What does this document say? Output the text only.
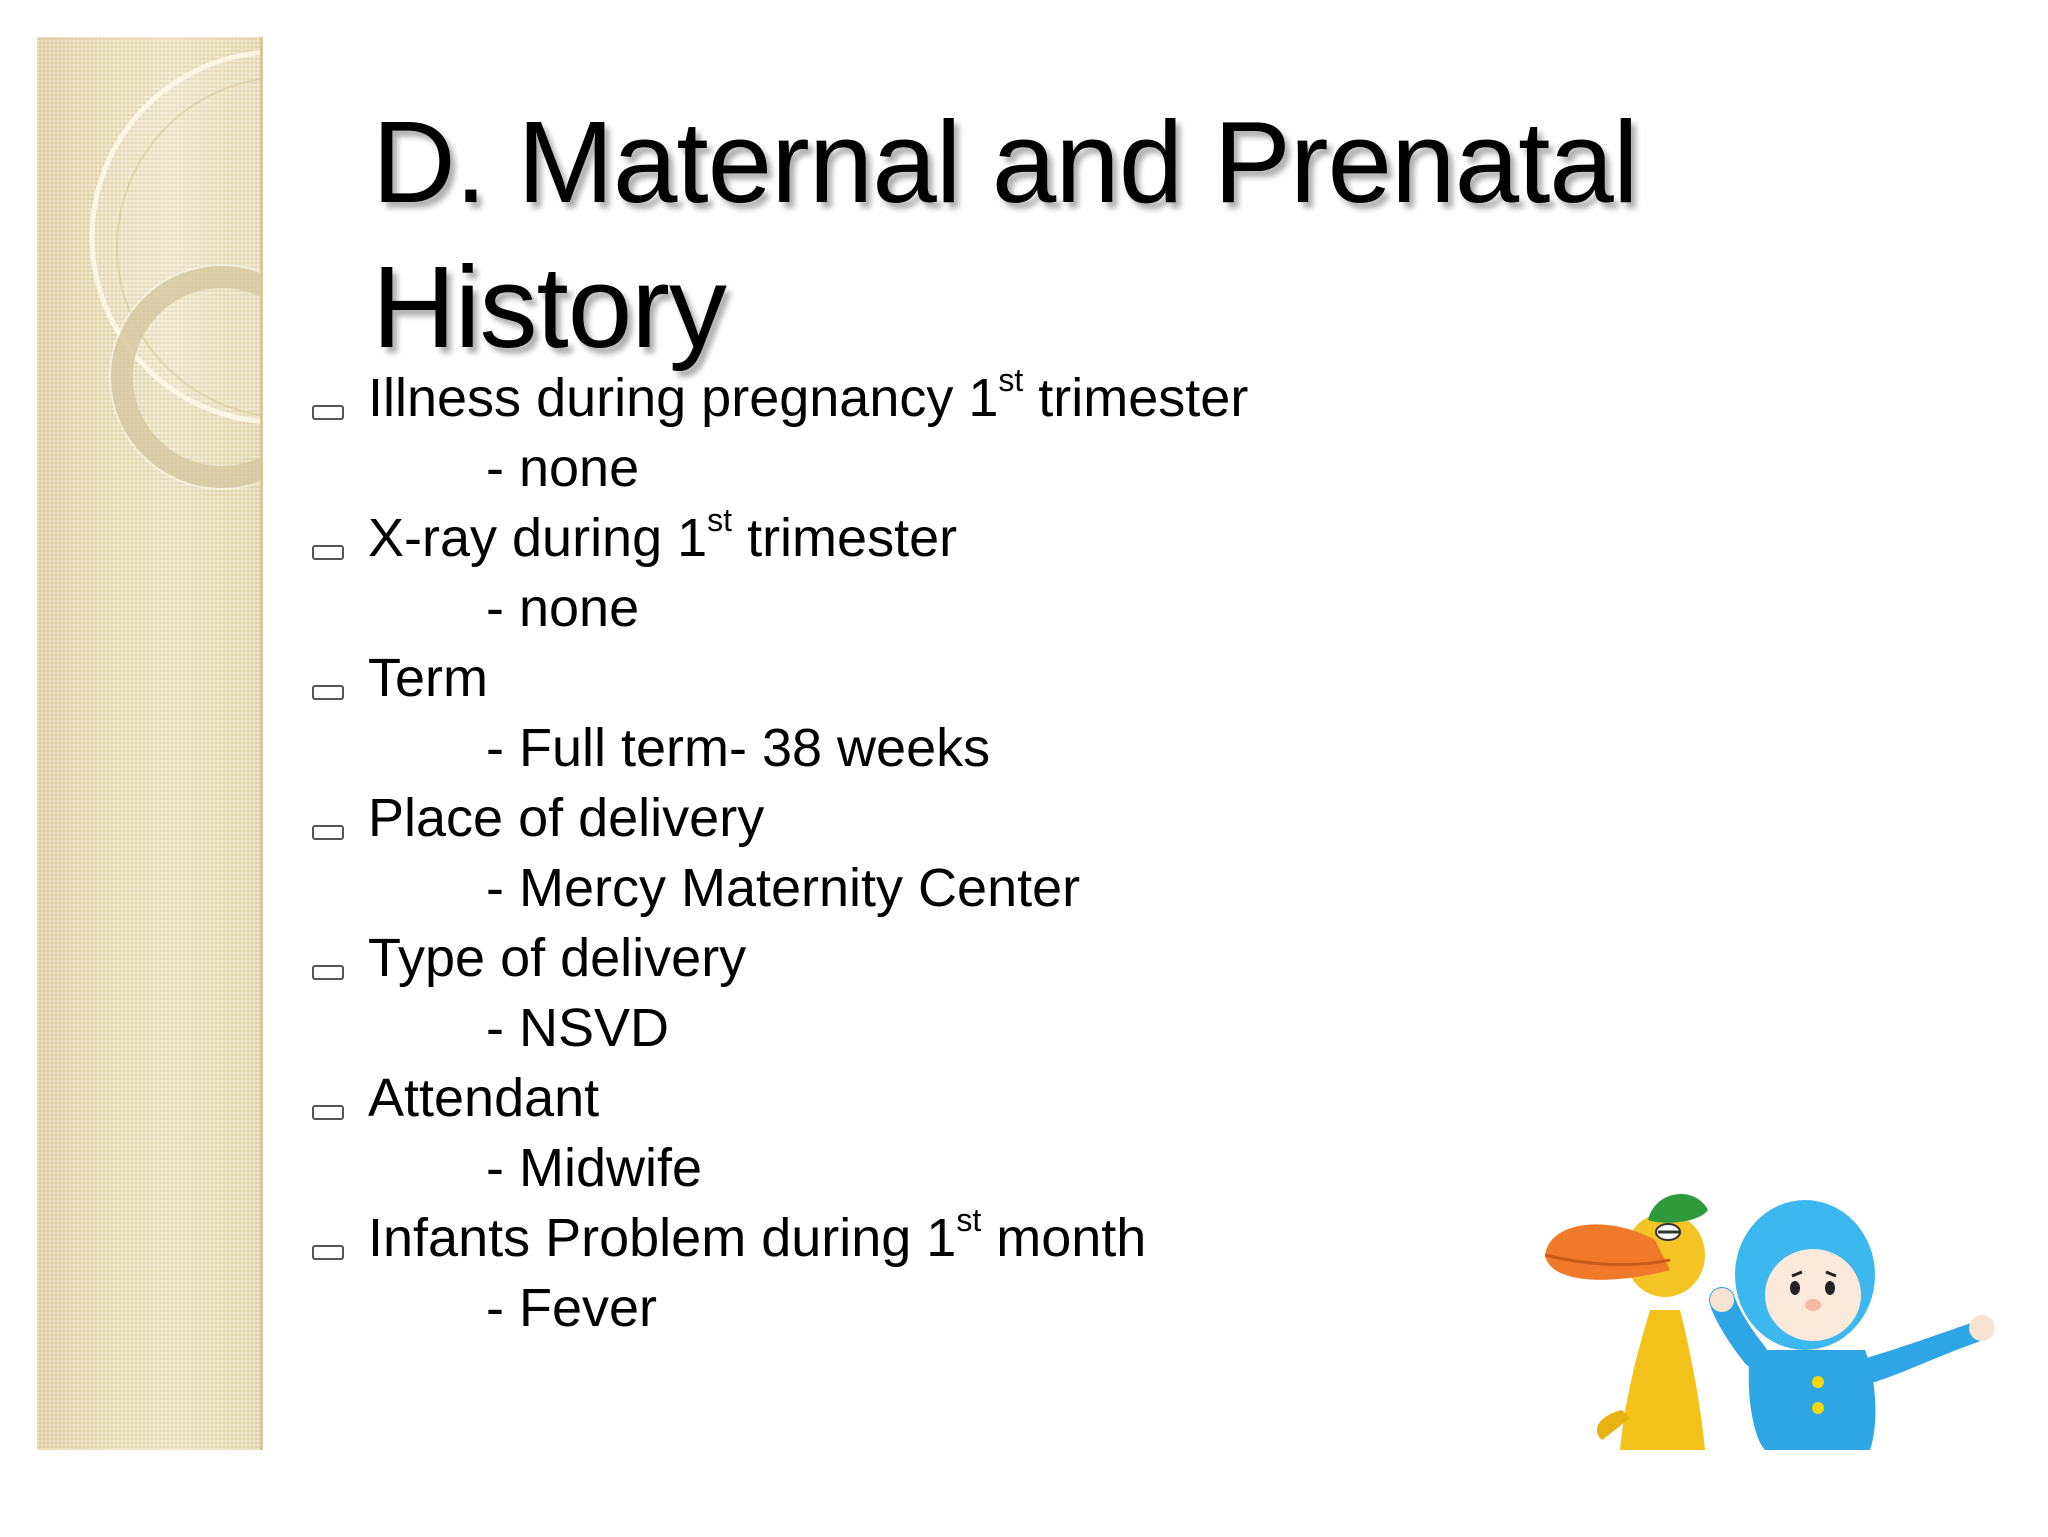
D. Maternal and Prenatal History
Illness during pregnancy 1st trimester
- none
X-ray during 1st trimester
- none
Term
- Full term- 38 weeks
Place of delivery
- Mercy Maternity Center
Type of delivery
- NSVD
Attendant
- Midwife
Infants Problem during 1st month
- Fever
